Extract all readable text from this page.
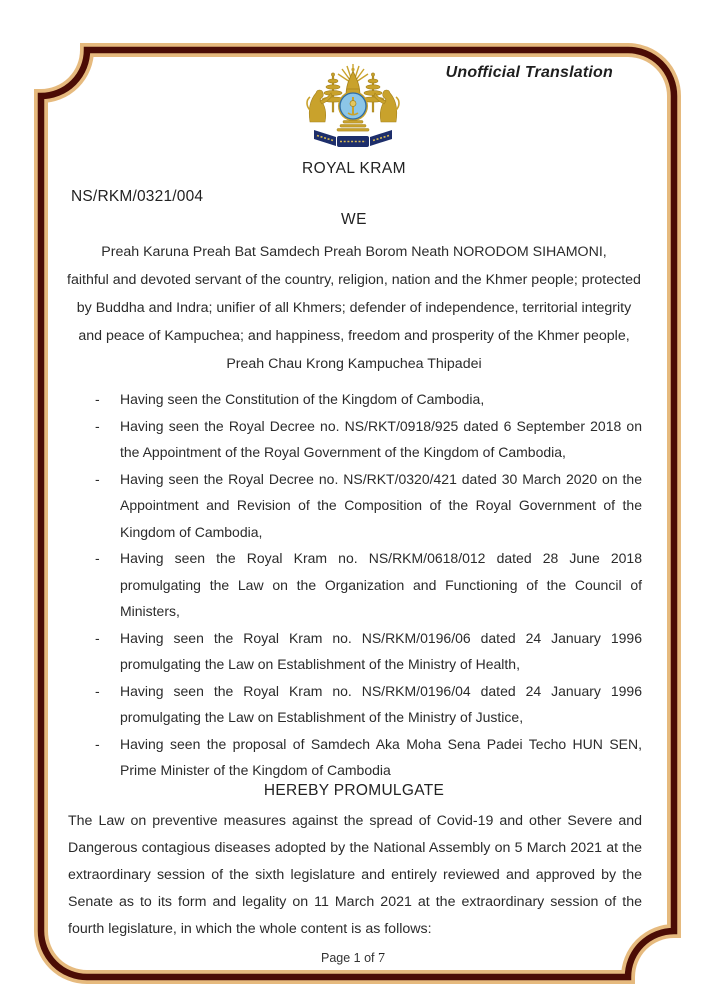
Unofficial Translation
ROYAL KRAM
NS/RKM/0321/004
WE
Preah Karuna Preah Bat Samdech Preah Borom Neath NORODOM SIHAMONI,
faithful and devoted servant of the country, religion, nation and the Khmer people; protected
by Buddha and Indra; unifier of all Khmers; defender of independence, territorial integrity
and peace of Kampuchea; and happiness, freedom and prosperity of the Khmer people,
Preah Chau Krong Kampuchea Thipadei
- Having seen the Constitution of the Kingdom of Cambodia,
- Having seen the Royal Decree no. NS/RKT/0918/925 dated 6 September 2018 on the Appointment of the Royal Government of the Kingdom of Cambodia,
- Having seen the Royal Decree no. NS/RKT/0320/421 dated 30 March 2020 on the Appointment and Revision of the Composition of the Royal Government of the Kingdom of Cambodia,
- Having seen the Royal Kram no. NS/RKM/0618/012 dated 28 June 2018 promulgating the Law on the Organization and Functioning of the Council of Ministers,
- Having seen the Royal Kram no. NS/RKM/0196/06 dated 24 January 1996 promulgating the Law on Establishment of the Ministry of Health,
- Having seen the Royal Kram no. NS/RKM/0196/04 dated 24 January 1996 promulgating the Law on Establishment of the Ministry of Justice,
- Having seen the proposal of Samdech Aka Moha Sena Padei Techo HUN SEN, Prime Minister of the Kingdom of Cambodia
HEREBY PROMULGATE
The Law on preventive measures against the spread of Covid-19 and other Severe and Dangerous contagious diseases adopted by the National Assembly on 5 March 2021 at the extraordinary session of the sixth legislature and entirely reviewed and approved by the Senate as to its form and legality on 11 March 2021 at the extraordinary session of the fourth legislature, in which the whole content is as follows:
Page 1 of 7
